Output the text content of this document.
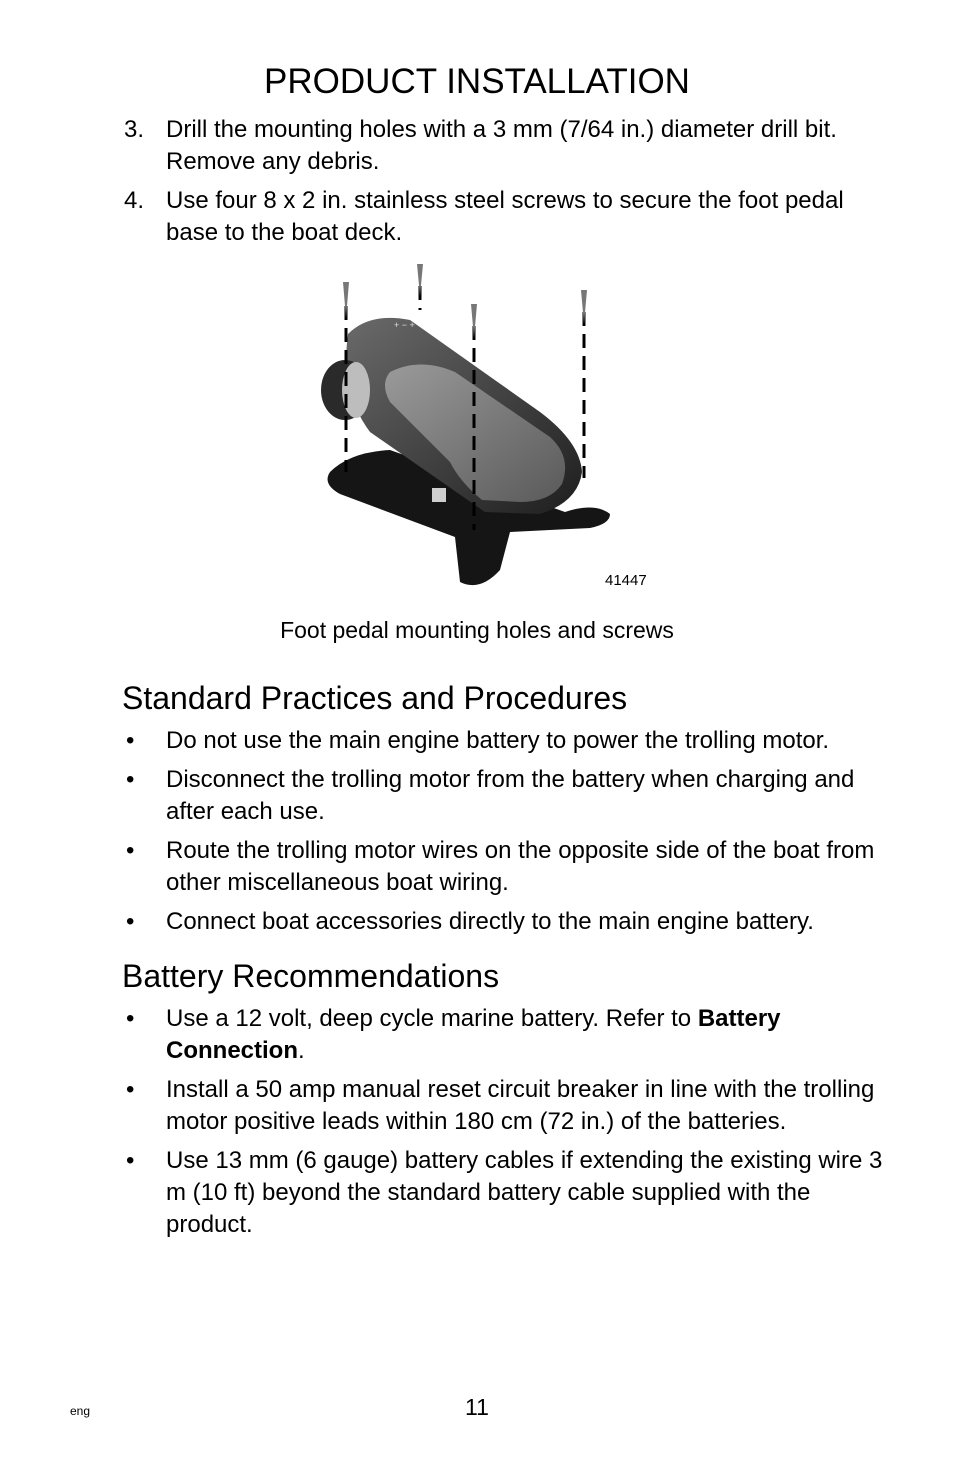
PRODUCT INSTALLATION
3. Drill the mounting holes with a 3 mm (7/64 in.) diameter drill bit. Remove any debris.
4. Use four 8 x 2 in. stainless steel screws to secure the foot pedal base to the boat deck.
+ − +
41447
Foot pedal mounting holes and screws
Standard Practices and Procedures
• Do not use the main engine battery to power the trolling motor.
• Disconnect the trolling motor from the battery when charging and after each use.
• Route the trolling motor wires on the opposite side of the boat from other miscellaneous boat wiring.
• Connect boat accessories directly to the main engine battery.
Battery Recommendations
• Use a 12 volt, deep cycle marine battery. Refer to Battery Connection.
• Install a 50 amp manual reset circuit breaker in line with the trolling motor positive leads within 180 cm (72 in.) of the batteries.
• Use 13 mm (6 gauge) battery cables if extending the existing wire 3 m (10 ft) beyond the standard battery cable supplied with the product.
eng	11
